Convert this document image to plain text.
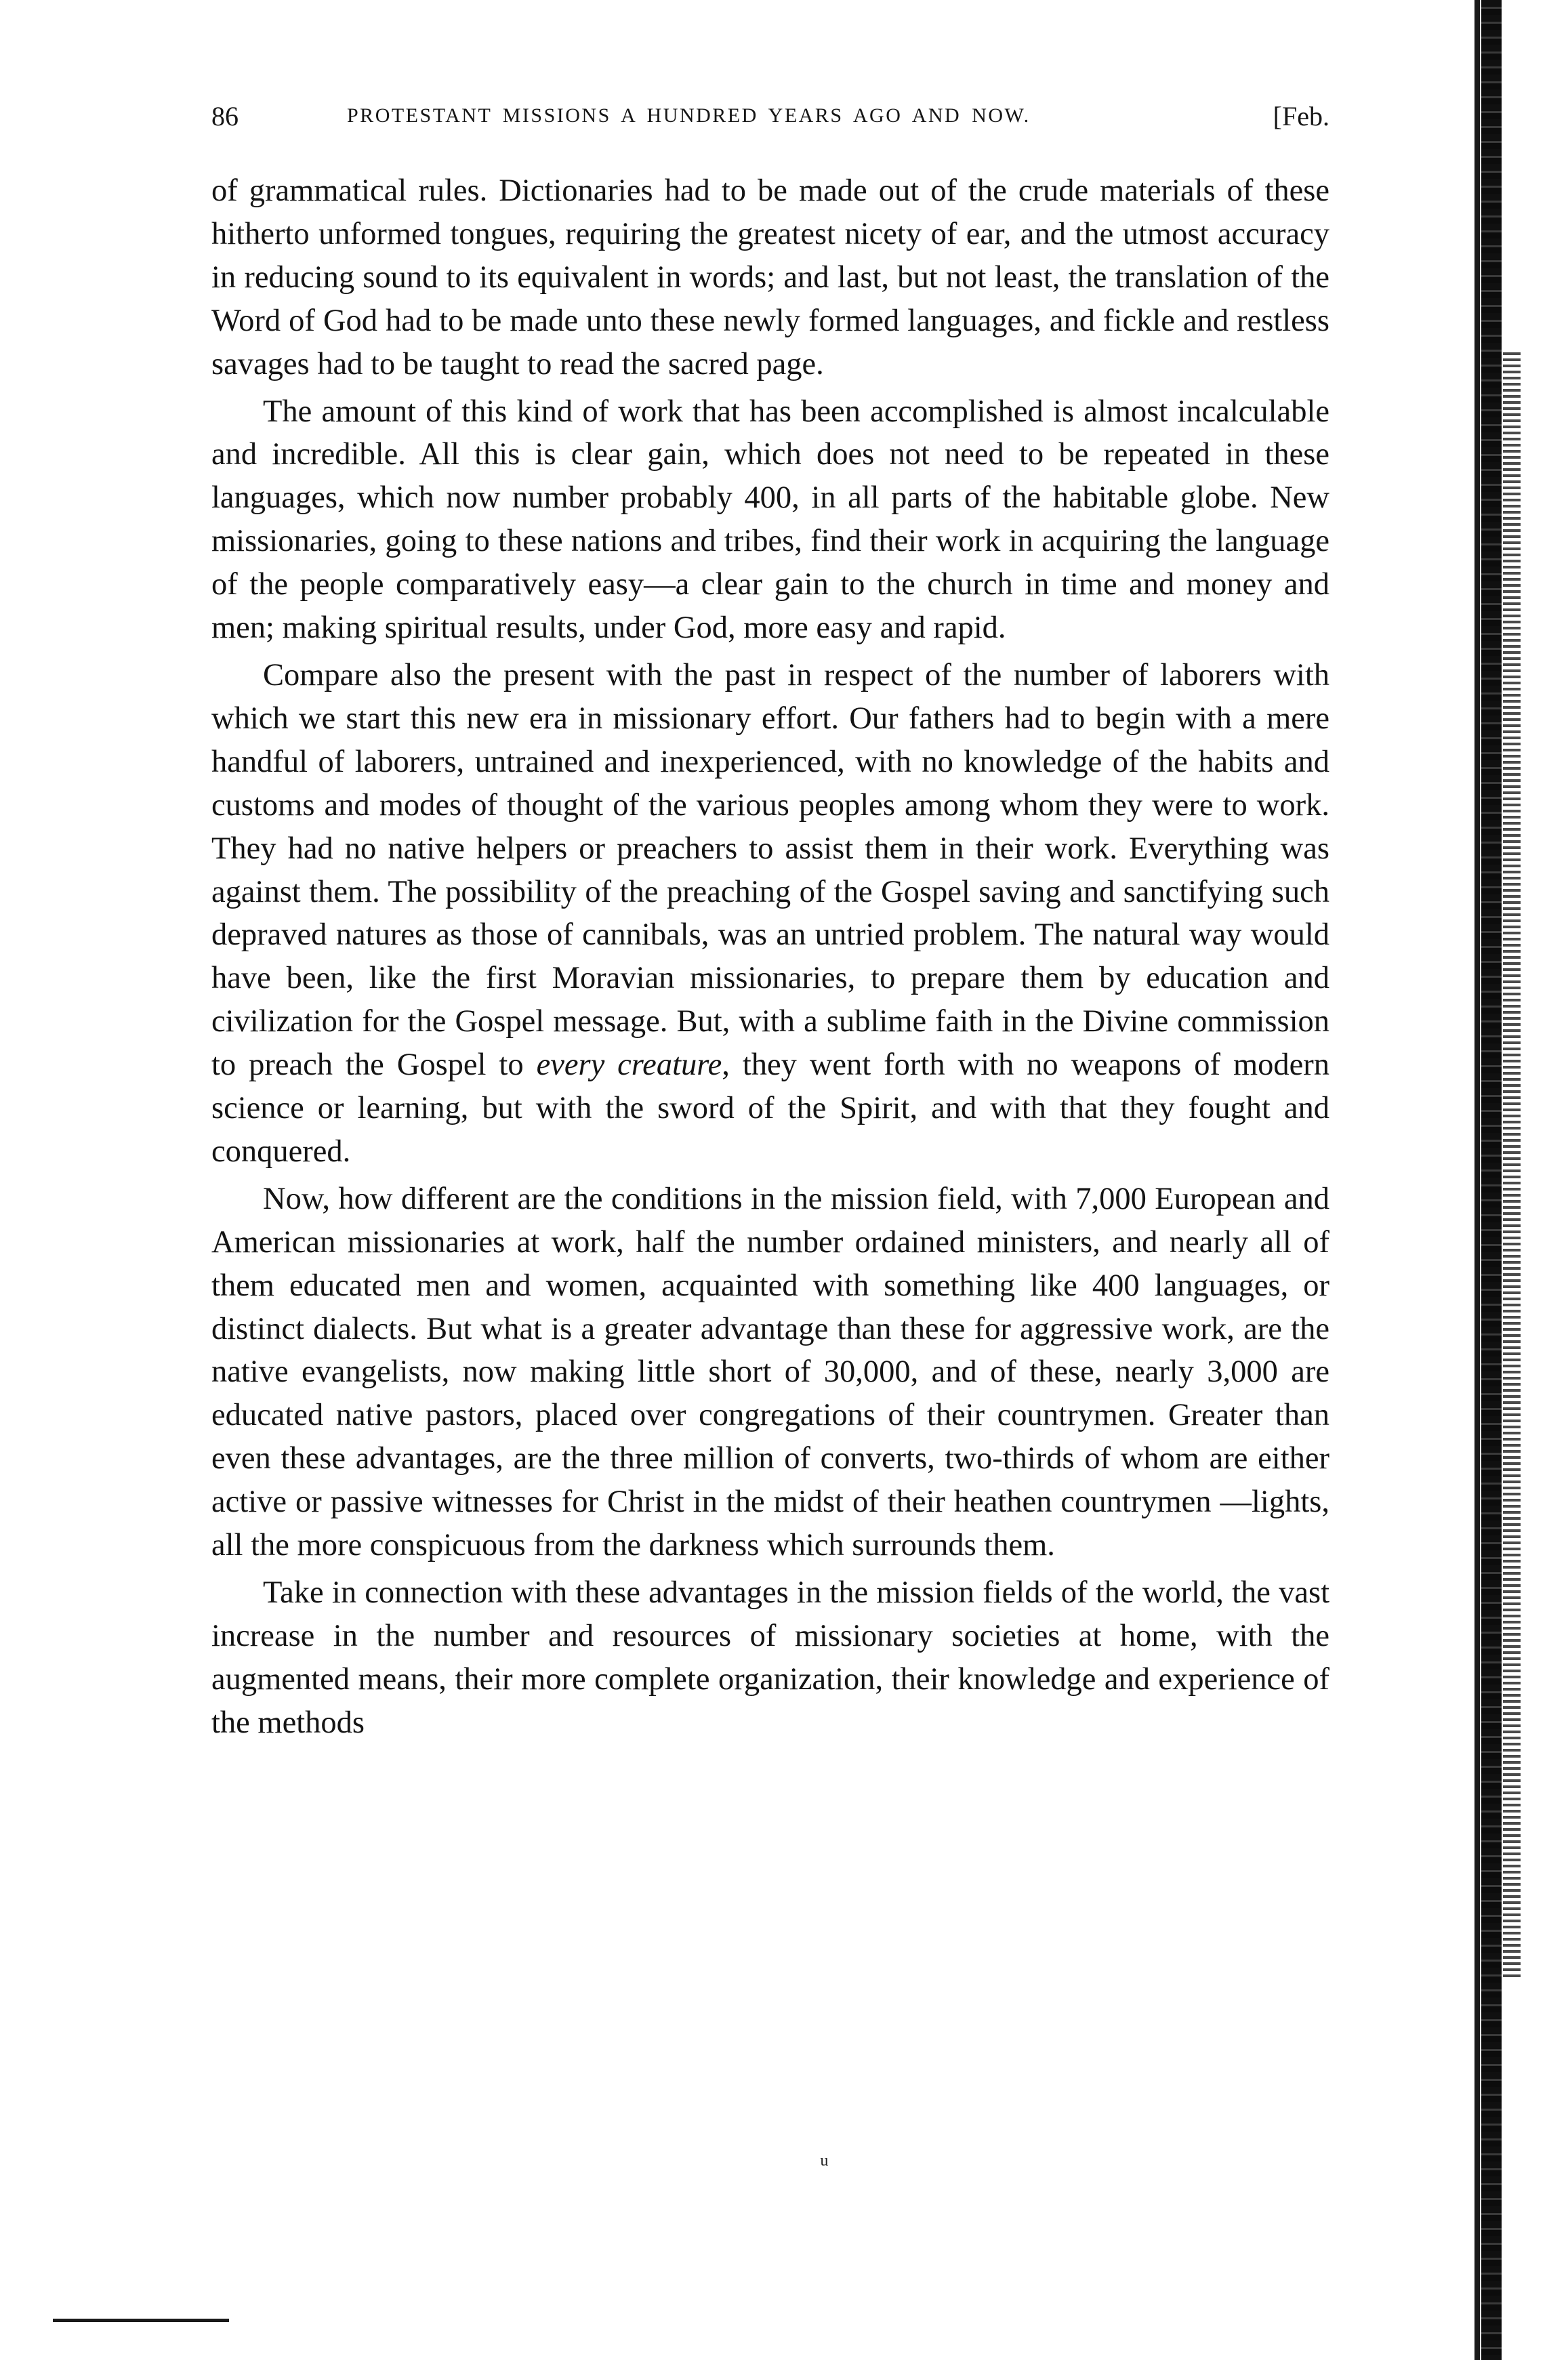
86	PROTESTANT MISSIONS A HUNDRED YEARS AGO AND NOW.	[Feb.

of grammatical rules. Dictionaries had to be made out of the crude materials of these hitherto unformed tongues, requiring the greatest nicety of ear, and the utmost accuracy in reducing sound to its equivalent in words; and last, but not least, the translation of the Word of God had to be made unto these newly formed languages, and fickle and restless savages had to be taught to read the sacred page.

The amount of this kind of work that has been accomplished is almost incalculable and incredible. All this is clear gain, which does not need to be repeated in these languages, which now number probably 400, in all parts of the habitable globe. New missionaries, going to these nations and tribes, find their work in acquiring the language of the people comparatively easy—a clear gain to the church in time and money and men; making spiritual results, under God, more easy and rapid.

Compare also the present with the past in respect of the number of laborers with which we start this new era in missionary effort. Our fathers had to begin with a mere handful of laborers, untrained and inexperienced, with no knowledge of the habits and customs and modes of thought of the various peoples among whom they were to work. They had no native helpers or preachers to assist them in their work. Everything was against them. The possibility of the preaching of the Gospel saving and sanctifying such depraved natures as those of cannibals, was an untried problem. The natural way would have been, like the first Moravian missionaries, to prepare them by education and civilization for the Gospel message. But, with a sublime faith in the Divine commission to preach the Gospel to every creature, they went forth with no weapons of modern science or learning, but with the sword of the Spirit, and with that they fought and conquered.

Now, how different are the conditions in the mission field, with 7,000 European and American missionaries at work, half the number ordained ministers, and nearly all of them educated men and women, acquainted with something like 400 languages, or distinct dialects. But what is a greater advantage than these for aggressive work, are the native evangelists, now making little short of 30,000, and of these, nearly 3,000 are educated native pastors, placed over congregations of their countrymen. Greater than even these advantages, are the three million of converts, two-thirds of whom are either active or passive witnesses for Christ in the midst of their heathen countrymen —lights, all the more conspicuous from the darkness which surrounds them.

Take in connection with these advantages in the mission fields of the world, the vast increase in the number and resources of missionary societies at home, with the augmented means, their more complete organization, their knowledge and experience of the methods

ᵘ
